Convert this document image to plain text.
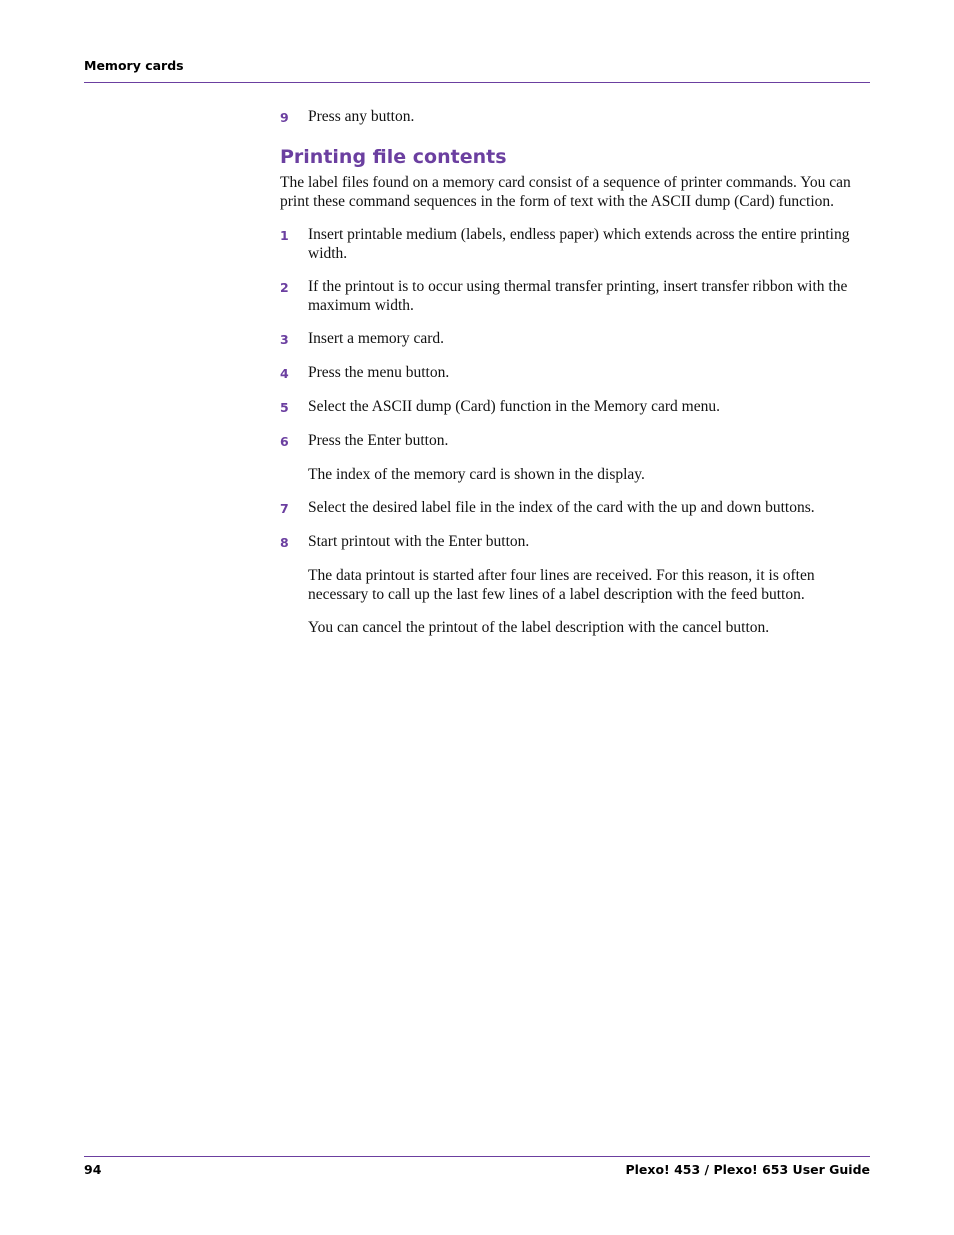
Memory cards
9	Press any button.
Printing file contents

The label files found on a memory card consist of a sequence of printer commands. You can print these command sequences in the form of text with the ASCII dump (Card) function.

1	Insert printable medium (labels, endless paper) which extends across the entire printing width.
2	If the printout is to occur using thermal transfer printing, insert transfer ribbon with the maximum width.
3	Insert a memory card.
4	Press the menu button.
5	Select the ASCII dump (Card) function in the Memory card menu.
6	Press the Enter button.
The index of the memory card is shown in the display.
7	Select the desired label file in the index of the card with the up and down buttons.
8	Start printout with the Enter button.
The data printout is started after four lines are received. For this reason, it is often necessary to call up the last few lines of a label description with the feed button.
You can cancel the printout of the label description with the cancel button.
94	Plexo! 453 / Plexo! 653 User Guide
